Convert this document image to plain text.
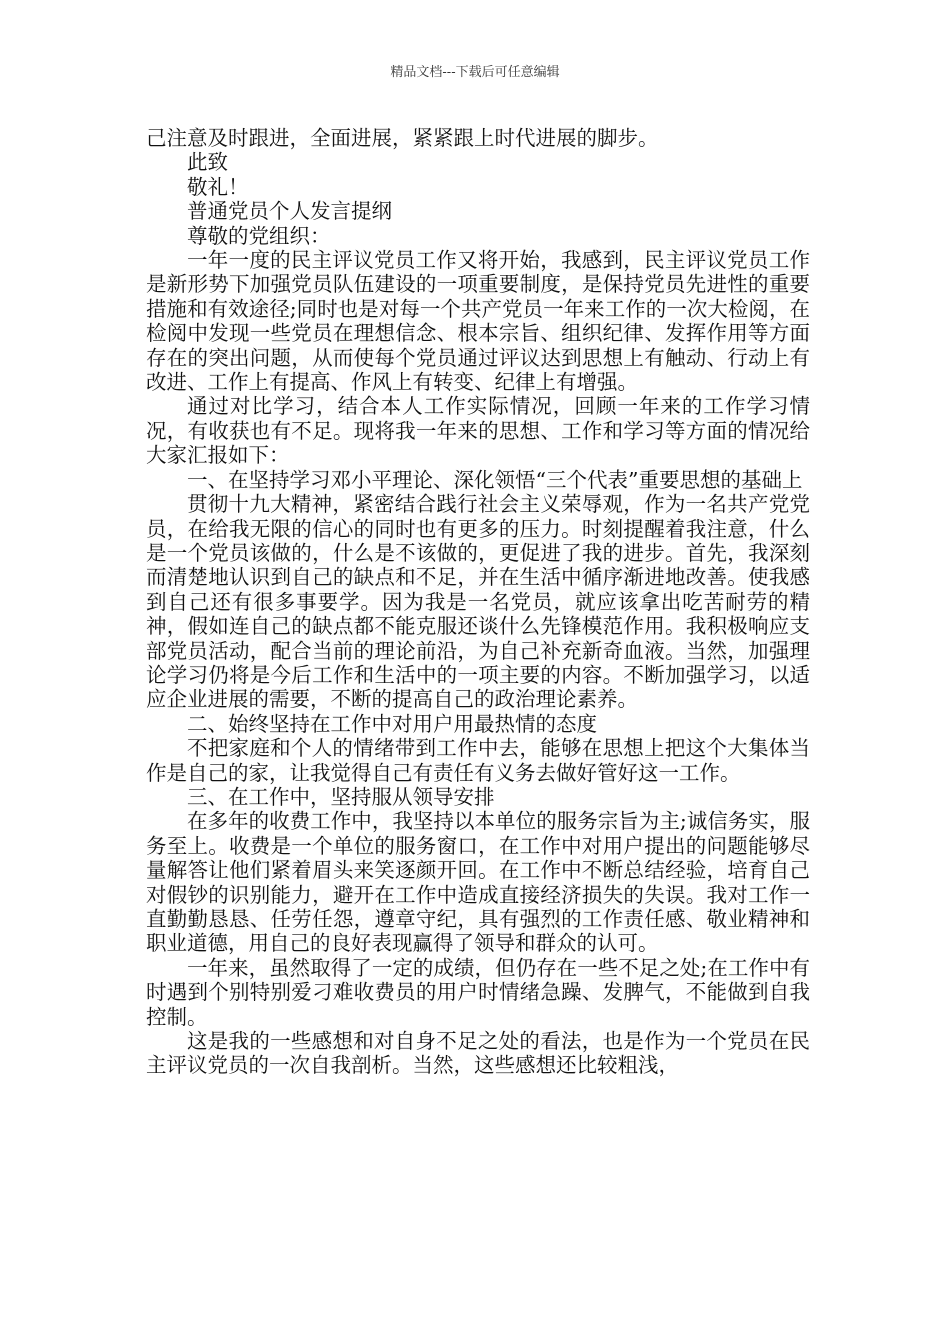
精品文档---下载后可任意编辑

己注意及时跟进，全面进展，紧紧跟上时代进展的脚步。

此致

敬礼！

普通党员个人发言提纲

尊敬的党组织：

一年一度的民主评议党员工作又将开始，我感到，民主评议党员工作是新形势下加强党员队伍建设的一项重要制度，是保持党员先进性的重要措施和有效途径;同时也是对每一个共产党员一年来工作的一次大检阅，在检阅中发现一些党员在理想信念、根本宗旨、组织纪律、发挥作用等方面存在的突出问题，从而使每个党员通过评议达到思想上有触动、行动上有改进、工作上有提高、作风上有转变、纪律上有增强。

通过对比学习，结合本人工作实际情况，回顾一年来的工作学习情况，有收获也有不足。现将我一年来的思想、工作和学习等方面的情况给大家汇报如下：

一、在坚持学习邓小平理论、深化领悟“三个代表”重要思想的基础上

贯彻十九大精神，紧密结合践行社会主义荣辱观，作为一名共产党党员，在给我无限的信心的同时也有更多的压力。时刻提醒着我注意，什么是一个党员该做的，什么是不该做的，更促进了我的进步。首先，我深刻而清楚地认识到自己的缺点和不足，并在生活中循序渐进地改善。使我感到自己还有很多事要学。因为我是一名党员，就应该拿出吃苦耐劳的精神，假如连自己的缺点都不能克服还谈什么先锋模范作用。我积极响应支部党员活动，配合当前的理论前沿，为自己补充新奇血液。当然，加强理论学习仍将是今后工作和生活中的一项主要的内容。不断加强学习，以适应企业进展的需要，不断的提高自己的政治理论素养。

二、始终坚持在工作中对用户用最热情的态度

不把家庭和个人的情绪带到工作中去，能够在思想上把这个大集体当作是自己的家，让我觉得自己有责任有义务去做好管好这一工作。

三、在工作中，坚持服从领导安排

在多年的收费工作中，我坚持以本单位的服务宗旨为主;诚信务实，服务至上。收费是一个单位的服务窗口，在工作中对用户提出的问题能够尽量解答让他们紧着眉头来笑逐颜开回。在工作中不断总结经验，培育自己对假钞的识别能力，避开在工作中造成直接经济损失的失误。我对工作一直勤勤恳恳、任劳任怨，遵章守纪，具有强烈的工作责任感、敬业精神和职业道德，用自己的良好表现赢得了领导和群众的认可。

一年来，虽然取得了一定的成绩，但仍存在一些不足之处;在工作中有时遇到个别特别爱刁难收费员的用户时情绪急躁、发脾气，不能做到自我控制。

这是我的一些感想和对自身不足之处的看法，也是作为一个党员在民主评议党员的一次自我剖析。当然，这些感想还比较粗浅，
